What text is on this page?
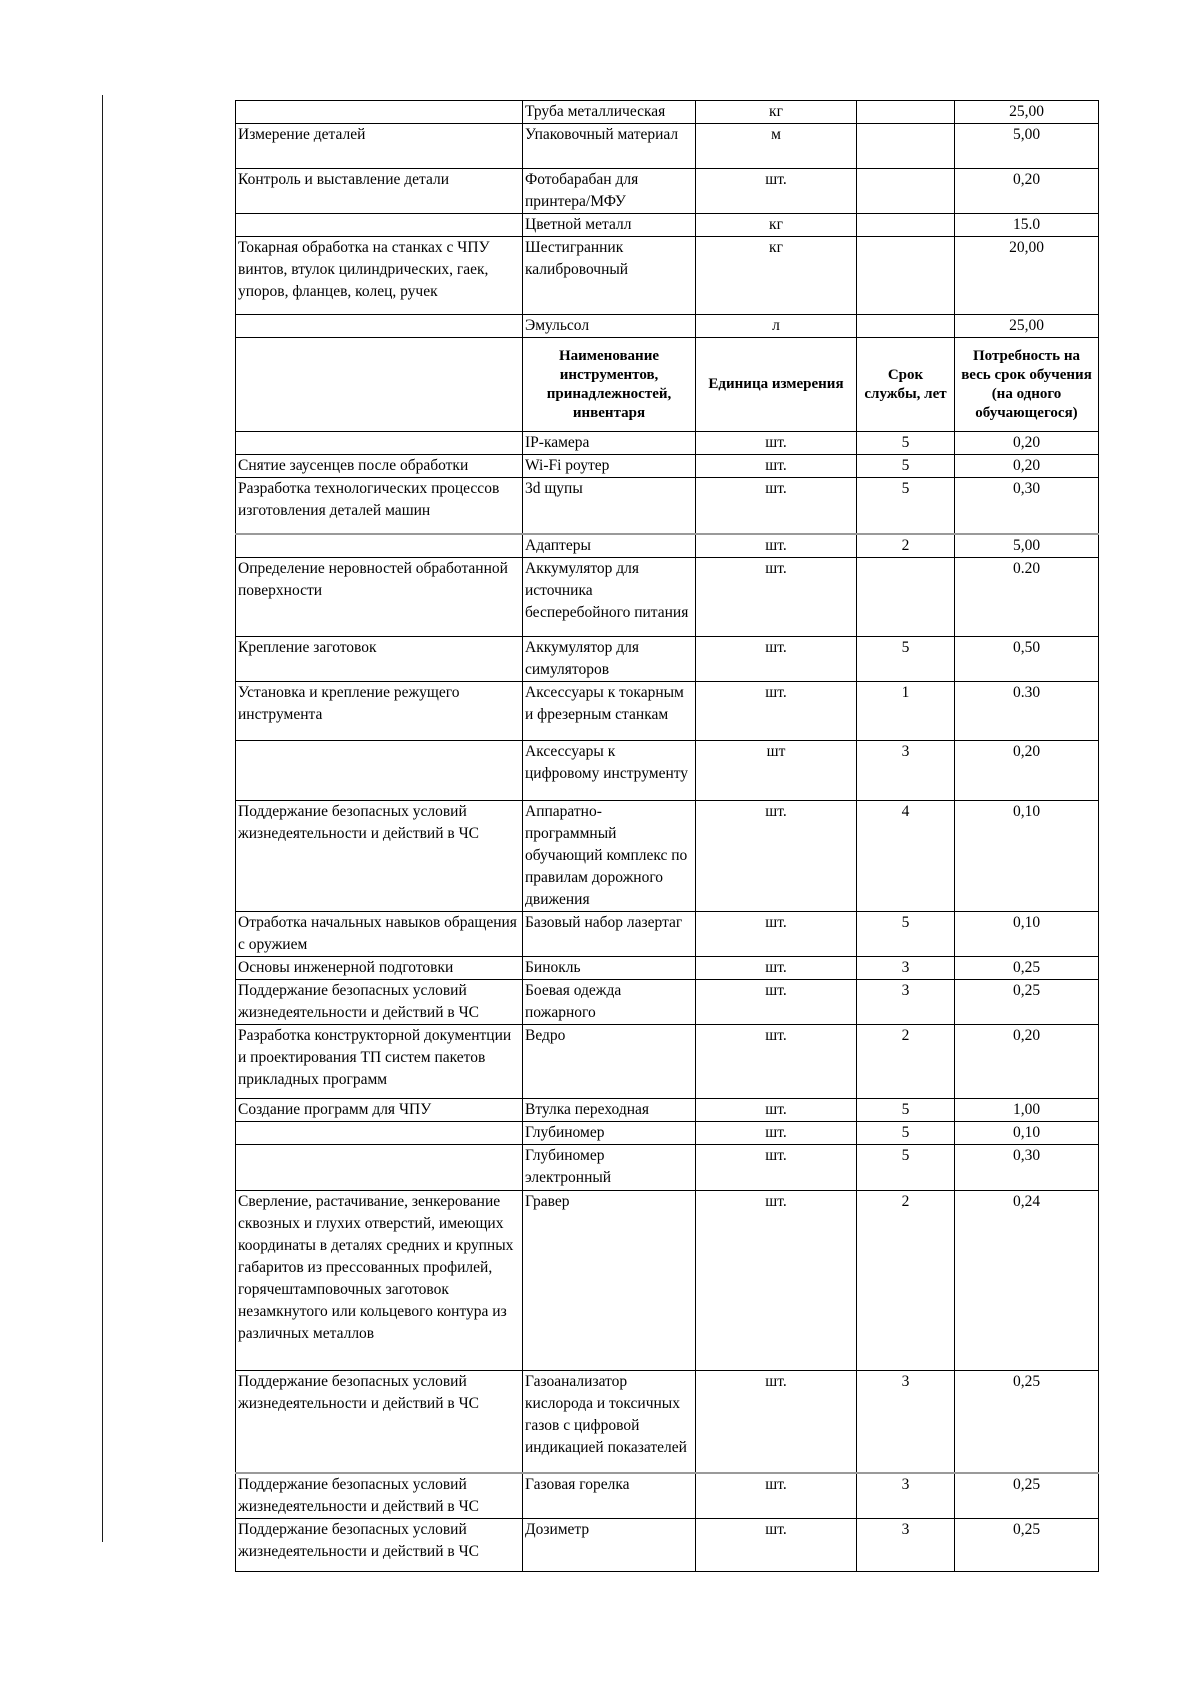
	Труба металлическая	кг		25,00
Измерение деталей	Упаковочный материал	м		5,00
Контроль и выставление детали	Фотобарабан для принтера/МФУ	шт.		0,20
	Цветной металл	кг		15.0
Токарная обработка на станках с ЧПУ винтов, втулок цилиндрических, гаек, упоров, фланцев, колец, ручек	Шестигранник калибровочный	кг		20,00
	Эмульсол	л		25,00
	Наименование инструментов, принадлежностей, инвентаря	Единица измерения	Срок службы, лет	Потребность на весь срок обучения (на одного обучающегося)
	IP-камера	шт.	5	0,20
Снятие заусенцев после обработки	Wi-Fi роутер	шт.	5	0,20
Разработка технологических процессов изготовления деталей машин	3d щупы	шт.	5	0,30
	Адаптеры	шт.	2	5,00
Определение неровностей обработанной поверхности	Аккумулятор для источника бесперебойного питания	шт.		0.20
Крепление заготовок	Аккумулятор для симуляторов	шт.	5	0,50
Установка и крепление режущего инструмента	Аксессуары к токарным и фрезерным станкам	шт.	1	0.30
	Аксессуары к цифровому инструменту	шт	3	0,20
Поддержание безопасных условий жизнедеятельности и действий в ЧС	Аппаратно-программный обучающий комплекс по правилам дорожного движения	шт.	4	0,10
Отработка начальных навыков обращения с оружием	Базовый набор лазертаг	шт.	5	0,10
Основы инженерной подготовки	Бинокль	шт.	3	0,25
Поддержание безопасных условий жизнедеятельности и действий в ЧС	Боевая одежда пожарного	шт.	3	0,25
Разработка конструкторной документции и проектирования ТП систем пакетов прикладных программ	Ведро	шт.	2	0,20
Создание программ для ЧПУ	Втулка переходная	шт.	5	1,00
	Глубиномер	шт.	5	0,10
	Глубиномер электронный	шт.	5	0,30
Сверление, растачивание, зенкерование сквозных и глухих отверстий, имеющих координаты в деталях средних и крупных габаритов из прессованных профилей, горячештамповочных заготовок незамкнутого или кольцевого контура из различных металлов	Гравер	шт.	2	0,24
Поддержание безопасных условий жизнедеятельности и действий в ЧС	Газоанализатор кислорода и токсичных газов с цифровой индикацией показателей	шт.	3	0,25
Поддержание безопасных условий жизнедеятельности и действий в ЧС	Газовая горелка	шт.	3	0,25
Поддержание безопасных условий жизнедеятельности и действий в ЧС	Дозиметр	шт.	3	0,25
